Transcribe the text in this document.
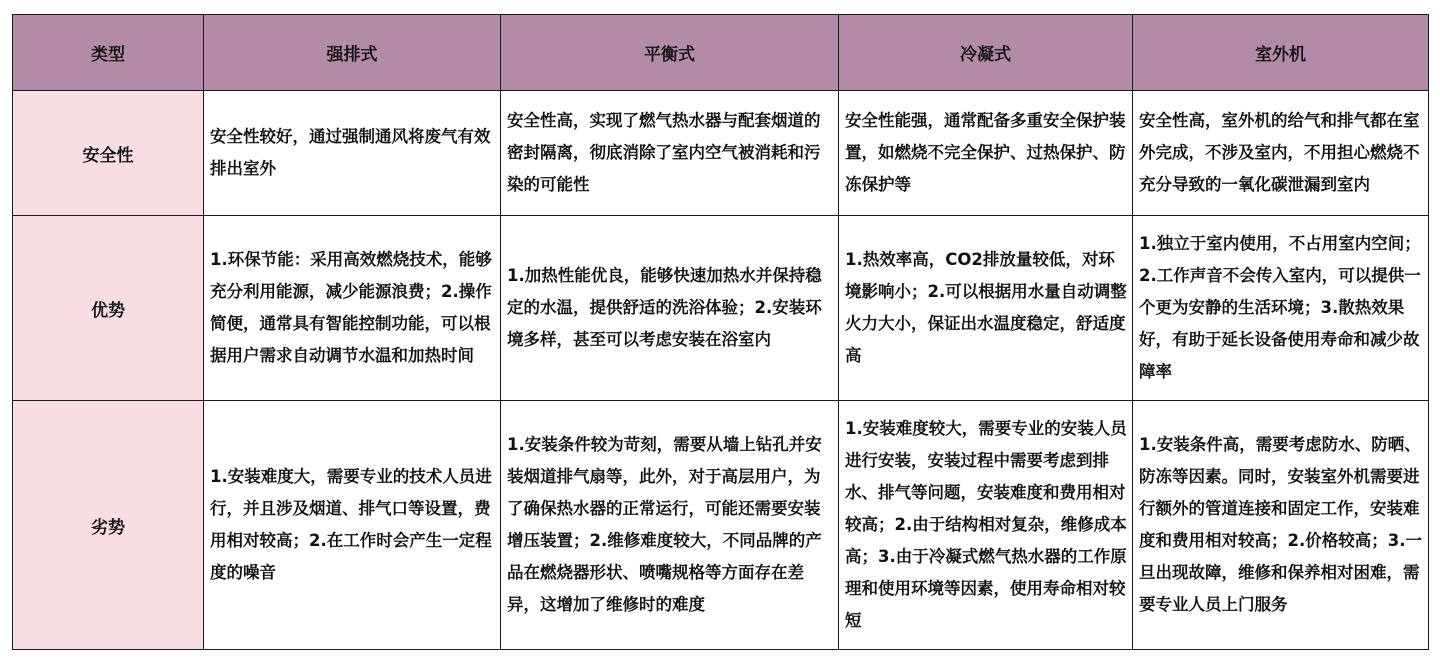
类型	强排式	平衡式	冷凝式	室外机
安全性	安全性较好，通过强制通风将废气有效排出室外	安全性高，实现了燃气热水器与配套烟道的密封隔离，彻底消除了室内空气被消耗和污染的可能性	安全性能强，通常配备多重安全保护装置，如燃烧不完全保护、过热保护、防冻保护等	安全性高，室外机的给气和排气都在室外完成，不涉及室内，不用担心燃烧不充分导致的一氧化碳泄漏到室内
优势	1.环保节能：采用高效燃烧技术，能够充分利用能源，减少能源浪费；2.操作简便，通常具有智能控制功能，可以根据用户需求自动调节水温和加热时间	1.加热性能优良，能够快速加热水并保持稳定的水温，提供舒适的洗浴体验；2.安装环境多样，甚至可以考虑安装在浴室内	1.热效率高，CO2排放量较低，对环境影响小；2.可以根据用水量自动调整火力大小，保证出水温度稳定，舒适度高	1.独立于室内使用，不占用室内空间；2.工作声音不会传入室内，可以提供一个更为安静的生活环境；3.散热效果好，有助于延长设备使用寿命和减少故障率
劣势	1.安装难度大，需要专业的技术人员进行，并且涉及烟道、排气口等设置，费用相对较高；2.在工作时会产生一定程度的噪音	1.安装条件较为苛刻，需要从墙上钻孔并安装烟道排气扇等，此外，对于高层用户，为了确保热水器的正常运行，可能还需要安装增压装置；2.维修难度较大，不同品牌的产品在燃烧器形状、喷嘴规格等方面存在差异，这增加了维修时的难度	1.安装难度较大，需要专业的安装人员进行安装，安装过程中需要考虑到排水、排气等问题，安装难度和费用相对较高；2.由于结构相对复杂，维修成本高；3.由于冷凝式燃气热水器的工作原理和使用环境等因素，使用寿命相对较短	1.安装条件高，需要考虑防水、防晒、防冻等因素。同时，安装室外机需要进行额外的管道连接和固定工作，安装难度和费用相对较高；2.价格较高；3.一旦出现故障，维修和保养相对困难，需要专业人员上门服务
